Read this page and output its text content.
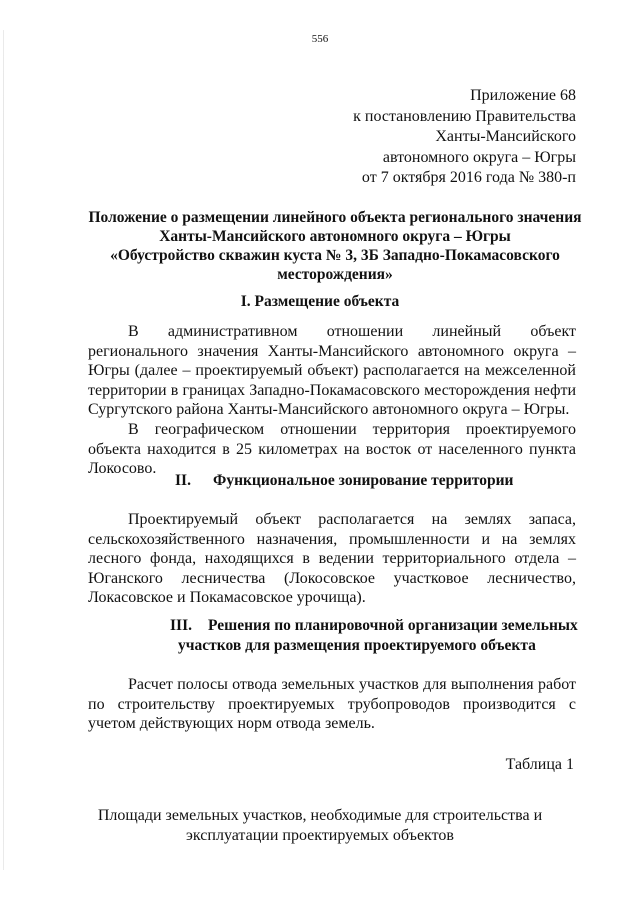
556
Приложение 68
к постановлению Правительства
Ханты-Мансийского
автономного округа – Югры
от 7 октября 2016 года № 380-п
Положение о размещении линейного объекта регионального значения
Ханты-Мансийского автономного округа – Югры
«Обустройство скважин куста № 3, 3Б Западно-Покамасовского
месторождения»
I. Размещение объекта
В административном отношении линейный объект регионального значения Ханты-Мансийского автономного округа – Югры (далее – проектируемый объект) располагается на межселенной территории в границах Западно-Покамасовского месторождения нефти Сургутского района Ханты-Мансийского автономного округа – Югры.
В географическом отношении территория проектируемого объекта находится в 25 километрах на восток от населенного пункта Локосово.
II. Функциональное зонирование территории
Проектируемый объект располагается на землях запаса, сельскохозяйственного назначения, промышленности и на землях лесного фонда, находящихся в ведении территориального отдела – Юганского лесничества (Локосовское участковое лесничество, Локасовское и Покамасовское урочища).
III. Решения по планировочной организации земельных
участков для размещения проектируемого объекта
Расчет полосы отвода земельных участков для выполнения работ по строительству проектируемых трубопроводов производится с учетом действующих норм отвода земель.
Таблица 1
Площади земельных участков, необходимые для строительства и
эксплуатации проектируемых объектов
